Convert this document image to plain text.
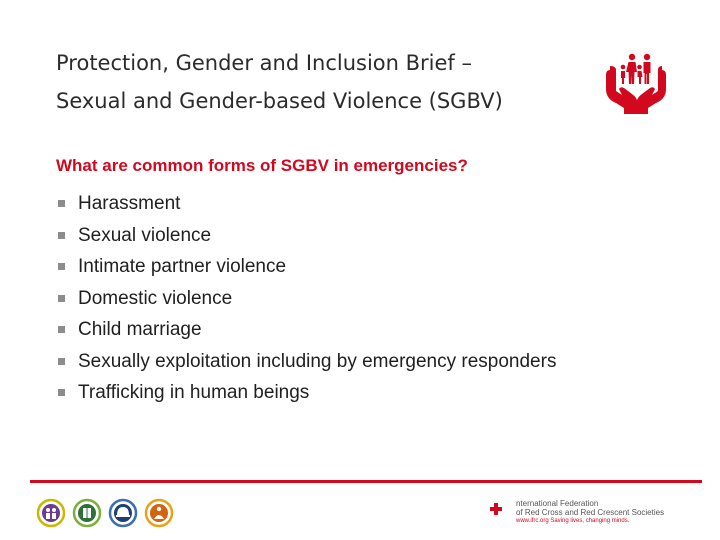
Protection, Gender and Inclusion Brief –
Sexual and Gender-based Violence (SGBV)
What are common forms of SGBV in emergencies?
Harassment
Sexual violence
Intimate partner violence
Domestic violence
Child marriage
Sexually exploitation including by emergency responders
Trafficking in human beings
nternational Federation
of Red Cross and Red Crescent Societies
www.ifrc.org Saving lives, changing minds.
